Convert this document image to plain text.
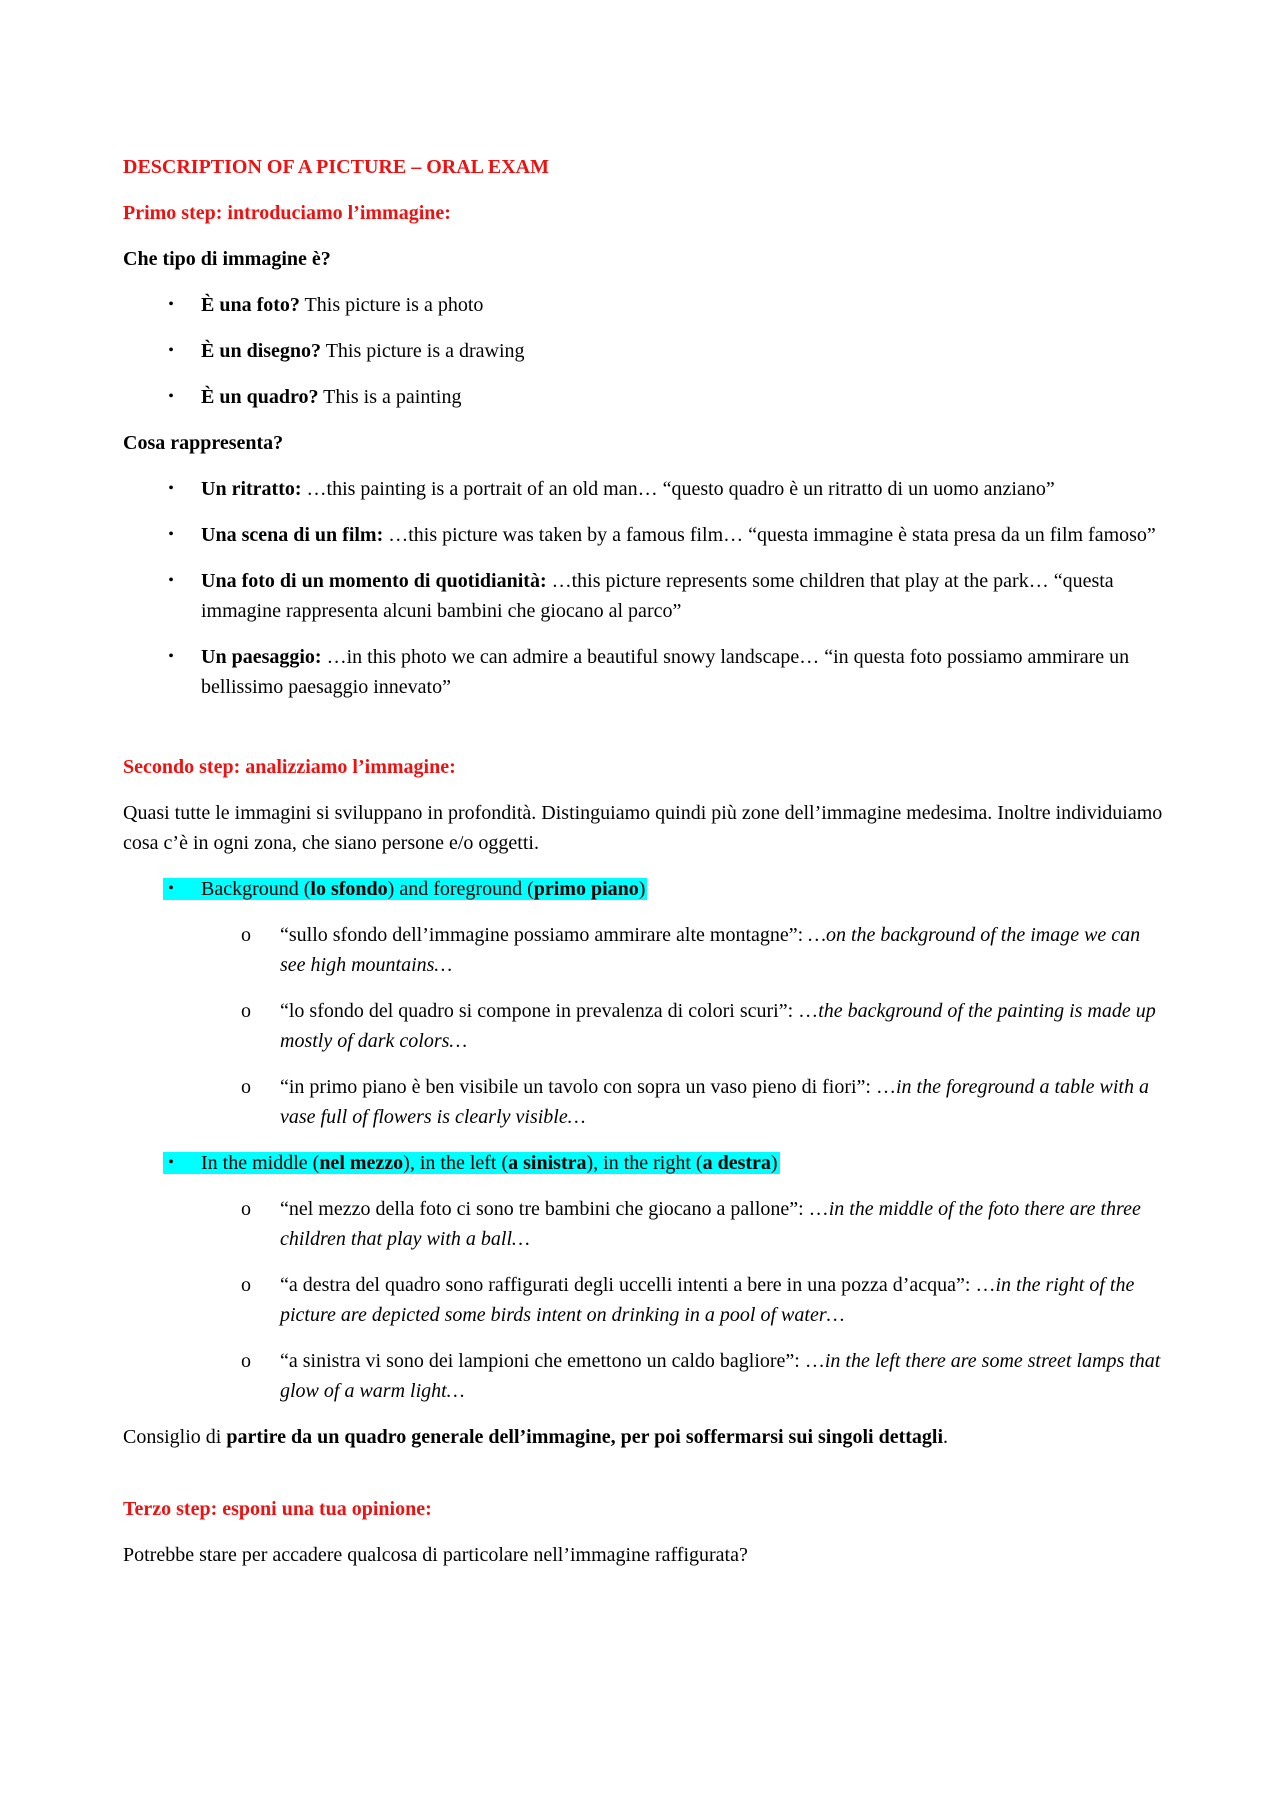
DESCRIPTION OF A PICTURE – ORAL EXAM

Primo step: introduciamo l’immagine:

Che tipo di immagine è?

•	È una foto? This picture is a photo
•	È un disegno? This picture is a drawing
•	È un quadro? This is a painting

Cosa rappresenta?

•	Un ritratto: …this painting is a portrait of an old man… “questo quadro è un ritratto di un uomo anziano”
•	Una scena di un film: …this picture was taken by a famous film… “questa immagine è stata presa da un film famoso”
•	Una foto di un momento di quotidianità: …this picture represents some children that play at the park… “questa immagine rappresenta alcuni bambini che giocano al parco”
•	Un paesaggio: …in this photo we can admire a beautiful snowy landscape… “in questa foto possiamo ammirare un bellissimo paesaggio innevato”

Secondo step: analizziamo l’immagine:

Quasi tutte le immagini si sviluppano in profondità. Distinguiamo quindi più zone dell’immagine medesima. Inoltre individuiamo cosa c’è in ogni zona, che siano persone e/o oggetti.

•	Background (lo sfondo) and foreground (primo piano)
o “sullo sfondo dell’immagine possiamo ammirare alte montagne”: …on the background of the image we can see high mountains…
o “lo sfondo del quadro si compone in prevalenza di colori scuri”: …the background of the painting is made up mostly of dark colors…
o “in primo piano è ben visibile un tavolo con sopra un vaso pieno di fiori”: …in the foreground a table with a vase full of flowers is clearly visible…
•	In the middle (nel mezzo), in the left (a sinistra), in the right (a destra)
o “nel mezzo della foto ci sono tre bambini che giocano a pallone”: …in the middle of the foto there are three children that play with a ball…
o “a destra del quadro sono raffigurati degli uccelli intenti a bere in una pozza d’acqua”: …in the right of the picture are depicted some birds intent on drinking in a pool of water…
o “a sinistra vi sono dei lampioni che emettono un caldo bagliore”: …in the left there are some street lamps that glow of a warm light…

Consiglio di partire da un quadro generale dell’immagine, per poi soffermarsi sui singoli dettagli.

Terzo step: esponi una tua opinione:

Potrebbe stare per accadere qualcosa di particolare nell’immagine raffigurata?
